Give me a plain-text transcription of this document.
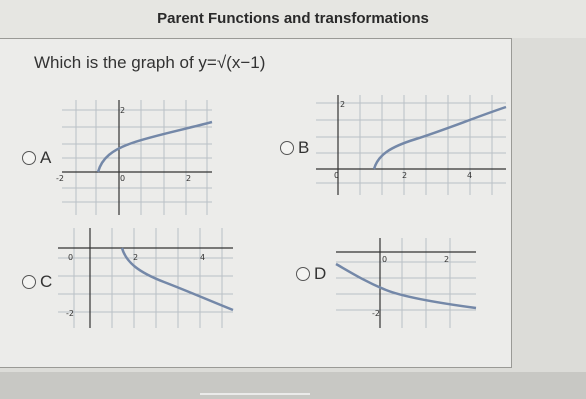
Parent Functions and transformations
Which is the graph of y=√(x−1)
A
-2	0	2
2
B
0	2	4
2
C
0	2	4
-2
D
0	2
-2
